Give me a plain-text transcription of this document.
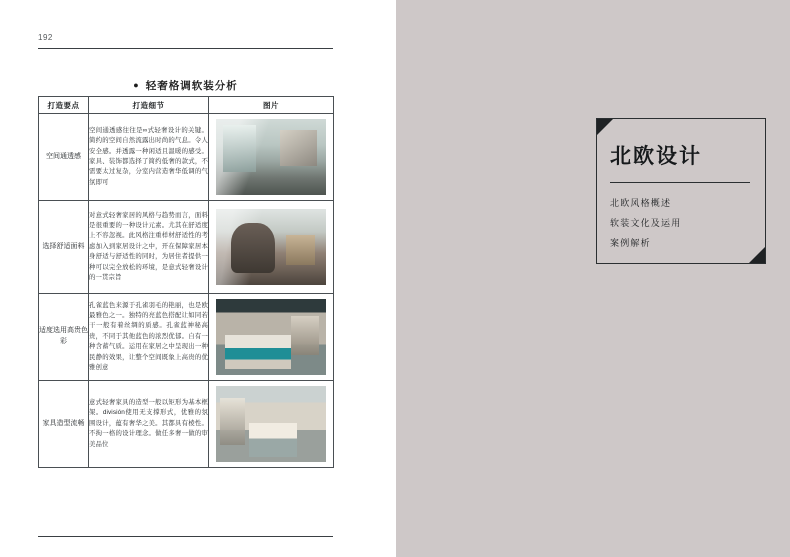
192
● 轻奢格调软装分析
打造要点	打造细节	图片
空间通透感	空间通透感往往是∞式轻奢设计的关键。简约的空间自然流露出时尚的气息。令人安全感。并透露一种闲适且温暖的感受。家具、装饰都选择了简约低奢的款式，不需要太过复杂，分室内营造奢华低调的气氛即可	

选择舒适面料	对意式轻奢家居的风格与趋势而言，面料是很重要的一种设计元素。尤其在舒适度上不容忽视。此风格注重样材舒适性的考虑加入到家居设计之中，开在保障家居本身舒适与舒适性的同时，为居住者提供一种可以完全放松的环境，是意式轻奢设计的一贯宗旨	

适度选用高贵色彩	孔雀蓝色来源于孔雀羽毛的艳丽，也是欧最雅色之一。独特的亮蓝色搭配让如同若干一般有着丝绸的质感。孔雀蓝神秘高贵，不同于其他蓝色的浓烈优郁。自有一种含蓄气质。运用在家居之中呈现出一种民静的效果，让整个空间既象上高贵的优雅创意	

家具造型流畅	意式轻奢家具的造型一般以矩形为基本框架。división使用无支撑形式，优雅的氛围设计，蕴有奢华之美。其都具有棱性。不拘一格的设计理念。做任多奢一做的审美品位	
北欧设计
北欧风格概述
软装文化及运用
案例解析
